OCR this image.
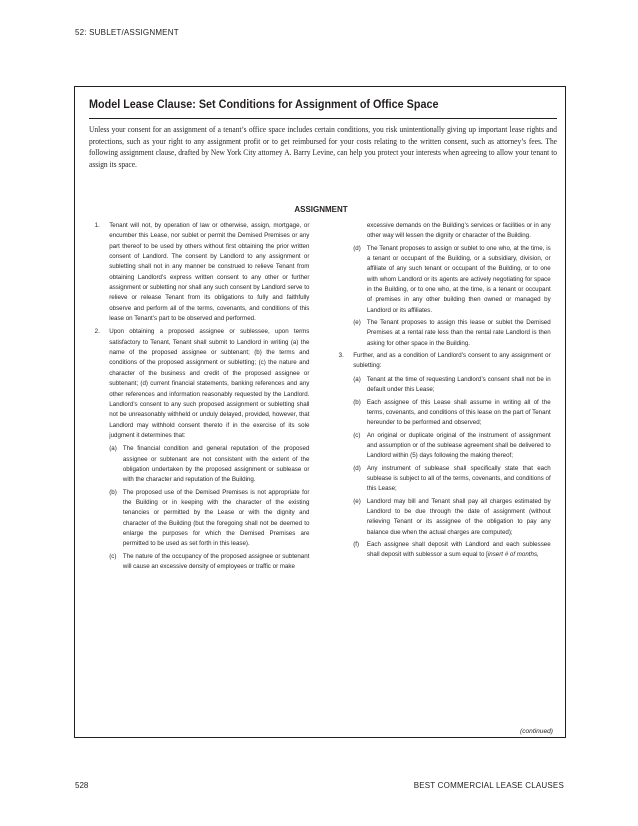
52: SUBLET/ASSIGNMENT
Model Lease Clause: Set Conditions for Assignment of Office Space
Unless your consent for an assignment of a tenant’s office space includes certain conditions, you risk unintentionally giving up important lease rights and protections, such as your right to any assignment profit or to get reimbursed for your costs relating to the written consent, such as attorney’s fees. The following assignment clause, drafted by New York City attorney A. Barry Levine, can help you protect your interests when agreeing to allow your tenant to assign its space.
ASSIGNMENT
1. Tenant will not, by operation of law or otherwise, assign, mortgage, or encumber this Lease, nor sublet or permit the Demised Premises or any part thereof to be used by others without first obtaining the prior written consent of Landlord. The consent by Landlord to any assignment or subletting shall not in any manner be construed to relieve Tenant from obtaining Landlord’s express written consent to any other or further assignment or subletting nor shall any such consent by Landlord serve to relieve or release Tenant from its obligations to fully and faithfully observe and perform all of the terms, covenants, and conditions of this lease on Tenant’s part to be observed and performed.
2. Upon obtaining a proposed assignee or sublessee, upon terms satisfactory to Tenant, Tenant shall submit to Landlord in writing (a) the name of the proposed assignee or subtenant; (b) the terms and conditions of the proposed assignment or subletting; (c) the nature and character of the business and credit of the proposed assignee or subtenant; (d) current financial statements, banking references and any other references and information reasonably requested by the Landlord. Landlord’s consent to any such proposed assignment or subletting shall not be unreasonably withheld or unduly delayed, provided, however, that Landlord may withhold consent thereto if in the exercise of its sole judgment it determines that:
(a) The financial condition and general reputation of the proposed assignee or subtenant are not consistent with the extent of the obligation undertaken by the proposed assignment or sublease or with the character and reputation of the Building.
(b) The proposed use of the Demised Premises is not appropriate for the Building or in keeping with the character of the existing tenancies or permitted by the Lease or with the dignity and character of the Building (but the foregoing shall not be deemed to enlarge the purposes for which the Demised Premises are permitted to be used as set forth in this lease).
(c) The nature of the occupancy of the proposed assignee or subtenant will cause an excessive density of employees or traffic or make
excessive demands on the Building’s services or facilities or in any other way will lessen the dignity or character of the Building.
(d) The Tenant proposes to assign or sublet to one who, at the time, is a tenant or occupant of the Building, or a subsidiary, division, or affiliate of any such tenant or occupant of the Building, or to one with whom Landlord or its agents are actively negotiating for space in the Building, or to one who, at the time, is a tenant or occupant of premises in any other building then owned or managed by Landlord or its affiliates.
(e) The Tenant proposes to assign this lease or sublet the Demised Premises at a rental rate less than the rental rate Landlord is then asking for other space in the Building.
3. Further, and as a condition of Landlord’s consent to any assignment or subletting:
(a) Tenant at the time of requesting Landlord’s consent shall not be in default under this Lease;
(b) Each assignee of this Lease shall assume in writing all of the terms, covenants, and conditions of this lease on the part of Tenant hereunder to be performed and observed;
(c) An original or duplicate original of the instrument of assignment and assumption or of the sublease agreement shall be delivered to Landlord within (5) days following the making thereof;
(d) Any instrument of sublease shall specifically state that each sublease is subject to all of the terms, covenants, and conditions of this Lease;
(e) Landlord may bill and Tenant shall pay all charges estimated by Landlord to be due through the date of assignment (without relieving Tenant or its assignee of the obligation to pay any balance due when the actual charges are computed);
(f) Each assignee shall deposit with Landlord and each sublessee shall deposit with sublessor a sum equal to [insert # of months,
(continued)
528	BEST COMMERCIAL LEASE CLAUSES
